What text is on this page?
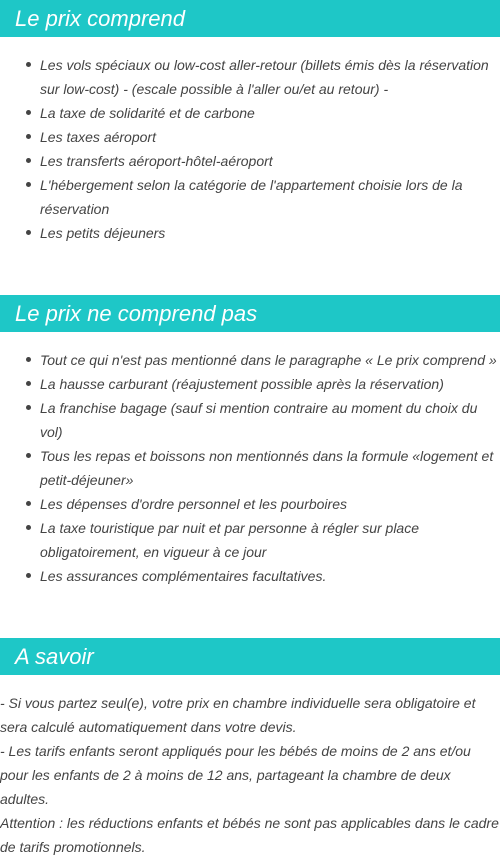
Le prix comprend
Les vols spéciaux ou low-cost aller-retour (billets émis dès la réservation sur low-cost) - (escale possible à l'aller ou/et au retour) -
La taxe de solidarité et de carbone
Les taxes aéroport
Les transferts aéroport-hôtel-aéroport
L'hébergement selon la catégorie de l'appartement choisie lors de la réservation
Les petits déjeuners
Le prix ne comprend pas
Tout ce qui n'est pas mentionné dans le paragraphe « Le prix comprend »
La hausse carburant (réajustement possible après la réservation)
La franchise bagage (sauf si mention contraire au moment du choix du vol)
Tous les repas et boissons non mentionnés dans la formule «logement et petit-déjeuner»
Les dépenses d'ordre personnel et les pourboires
La taxe touristique par nuit et par personne à régler sur place obligatoirement, en vigueur à ce jour
Les assurances complémentaires facultatives.
A savoir

- Si vous partez seul(e), votre prix en chambre individuelle sera obligatoire et sera calculé automatiquement dans votre devis.

- Les tarifs enfants seront appliqués pour les bébés de moins de 2 ans et/ou pour les enfants de 2 à moins de 12 ans, partageant la chambre de deux adultes.

Attention : les réductions enfants et bébés ne sont pas applicables dans le cadre de tarifs promotionnels.
